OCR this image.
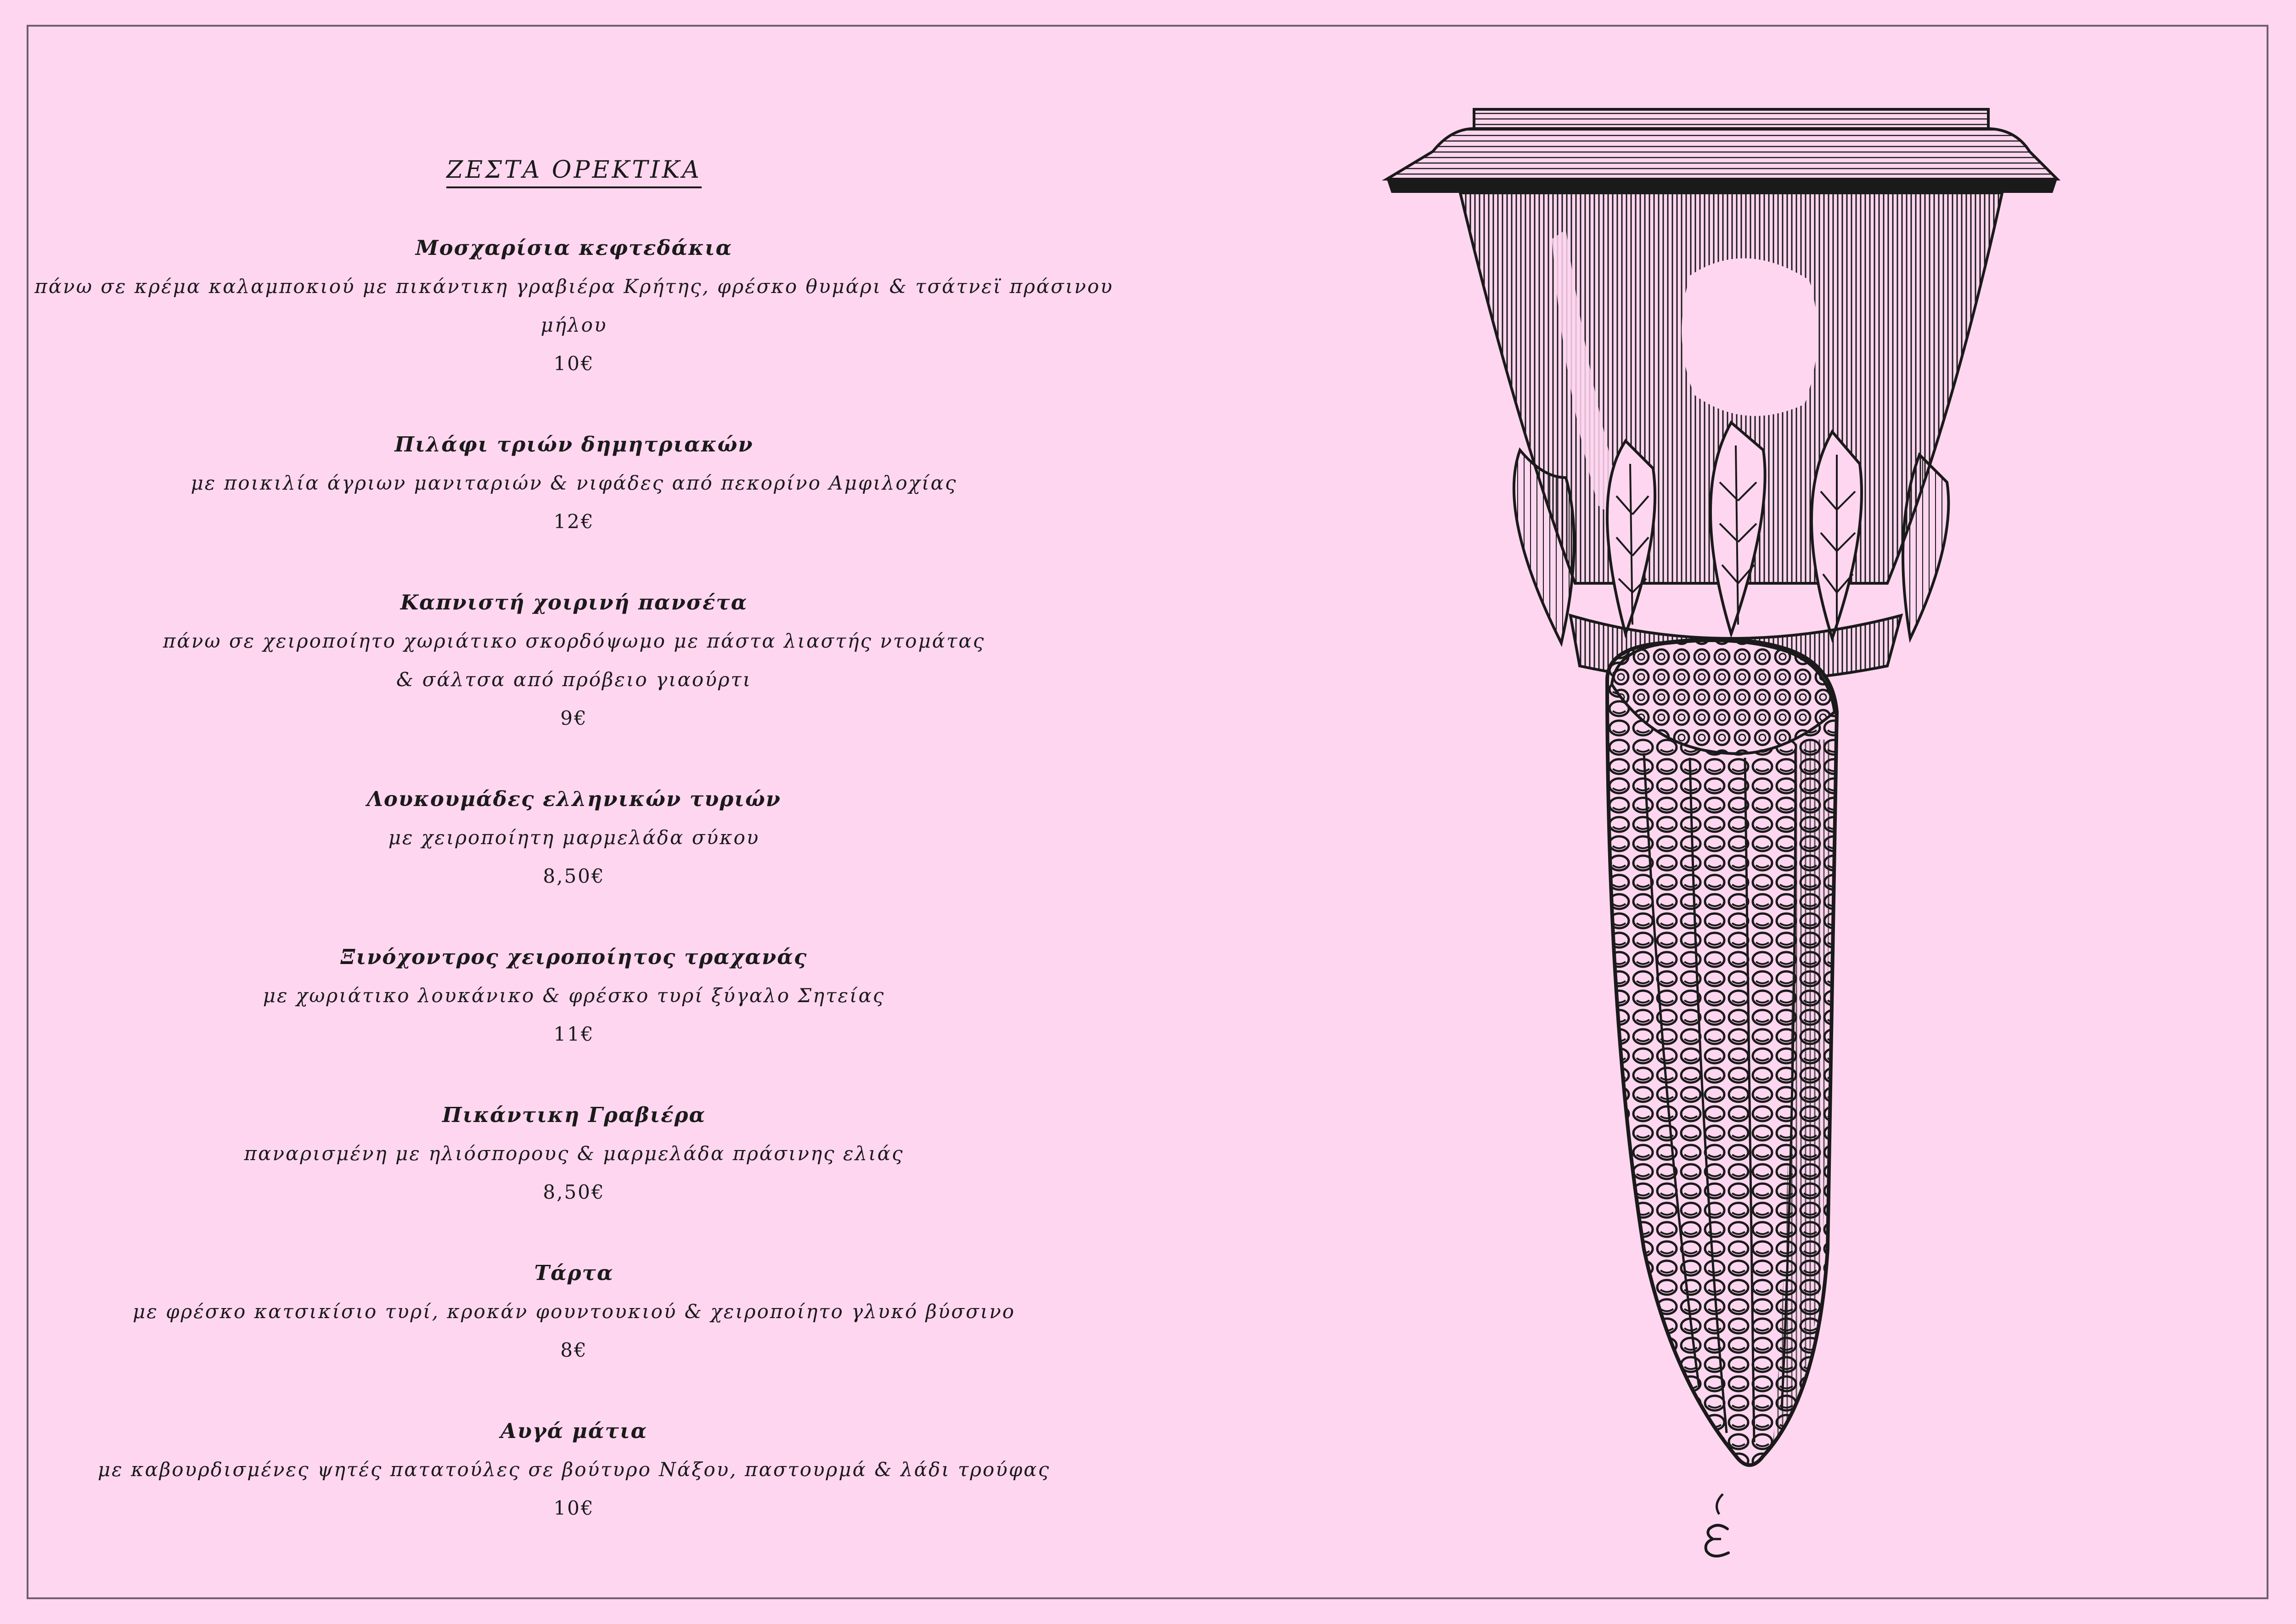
ΖΕΣΤΑ ΟΡΕΚΤΙΚΑ
Μοσχαρίσια κεφτεδάκια
πάνω σε κρέμα καλαμποκιού με πικάντικη γραβιέρα Κρήτης, φρέσκο θυμάρι & τσάτνεϊ πράσινου μήλου
10€
Πιλάφι τριών δημητριακών
με ποικιλία άγριων μανιταριών & νιφάδες από πεκορίνο Αμφιλοχίας
12€
Καπνιστή χοιρινή πανσέτα
πάνω σε χειροποίητο χωριάτικο σκορδόψωμο με πάστα λιαστής ντομάτας
& σάλτσα από πρόβειο γιαούρτι
9€
Λουκουμάδες ελληνικών τυριών
με χειροποίητη μαρμελάδα σύκου
8,50€
Ξινόχοντρος χειροποίητος τραχανάς
με χωριάτικο λουκάνικο & φρέσκο τυρί ξύγαλο Σητείας
11€
Πικάντικη Γραβιέρα
παναρισμένη με ηλιόσπορους & μαρμελάδα πράσινης ελιάς
8,50€
Τάρτα
με φρέσκο κατσικίσιο τυρί, κροκάν φουντουκιού & χειροποίητο γλυκό βύσσινο
8€
Αυγά μάτια
με καβουρδισμένες ψητές πατατούλες σε βούτυρο Νάξου, παστουρμά & λάδι τρούφας
10€
